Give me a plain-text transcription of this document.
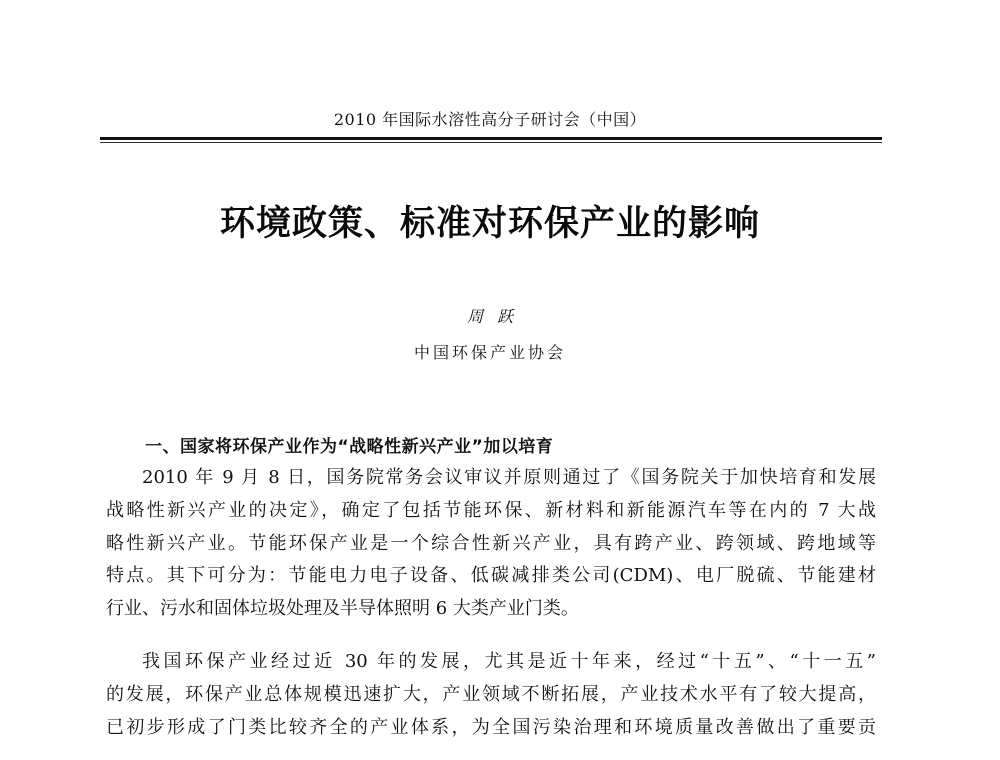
2010 年国际水溶性高分子研讨会（中国）
环境政策、标准对环保产业的影响
周跃
中国环保产业协会
一、国家将环保产业作为“战略性新兴产业”加以培育
2010 年 9 月 8 日，国务院常务会议审议并原则通过了《国务院关于加快培育和发展
战略性新兴产业的决定》，确定了包括节能环保、新材料和新能源汽车等在内的 7 大战
略性新兴产业。节能环保产业是一个综合性新兴产业，具有跨产业、跨领域、跨地域等
特点。其下可分为：节能电力电子设备、低碳减排类公司(CDM)、电厂脱硫、节能建材
行业、污水和固体垃圾处理及半导体照明 6 大类产业门类。
我国环保产业经过近 30 年的发展，尤其是近十年来，经过“十五”、“十一五”
的发展，环保产业总体规模迅速扩大，产业领域不断拓展，产业技术水平有了较大提高，
已初步形成了门类比较齐全的产业体系，为全国污染治理和环境质量改善做出了重要贡
